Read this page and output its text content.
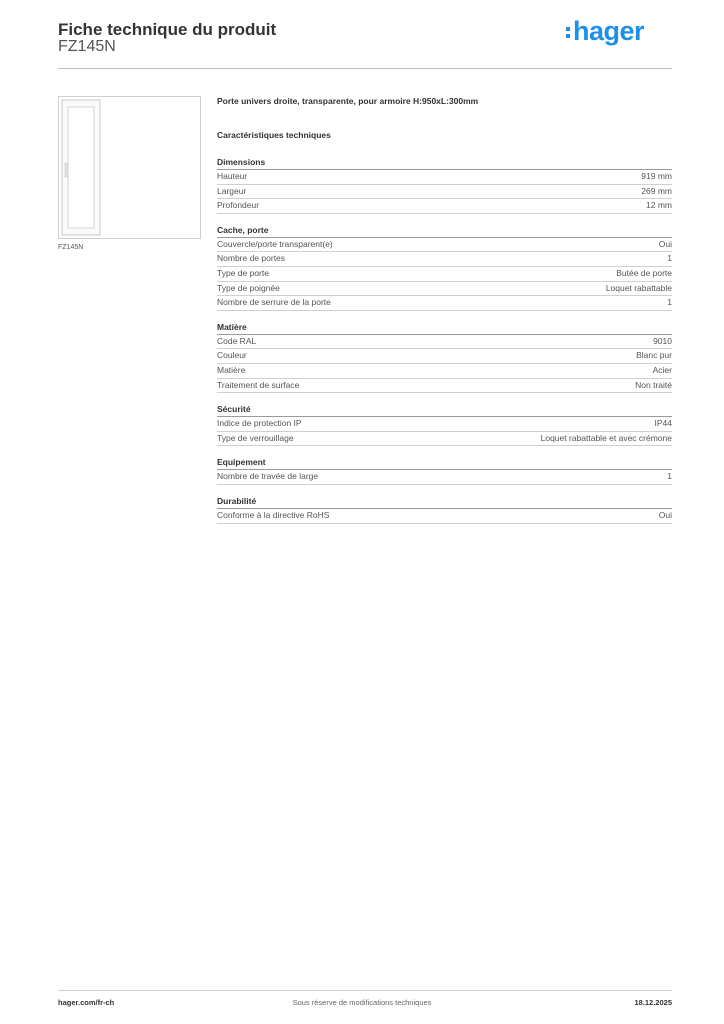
Fiche technique du produit
FZ145N
hager
FZ145N
Porte univers droite, transparente, pour armoire H:950xL:300mm
Caractéristiques techniques
Dimensions
Hauteur	919 mm
Largeur	269 mm
Profondeur	12 mm
Cache, porte
Couvercle/porte transparent(e)	Oui
Nombre de portes	1
Type de porte	Butée de porte
Type de poignée	Loquet rabattable
Nombre de serrure de la porte	1
Matière
Code RAL	9010
Couleur	Blanc pur
Matière	Acier
Traitement de surface	Non traité
Sécurité
Indice de protection IP	IP44
Type de verrouillage	Loquet rabattable et avec crémone
Equipement
Nombre de travée de large	1
Durabilité
Conforme à la directive RoHS	Oui
hager.com/fr-ch	Sous réserve de modifications techniques	18.12.2025
